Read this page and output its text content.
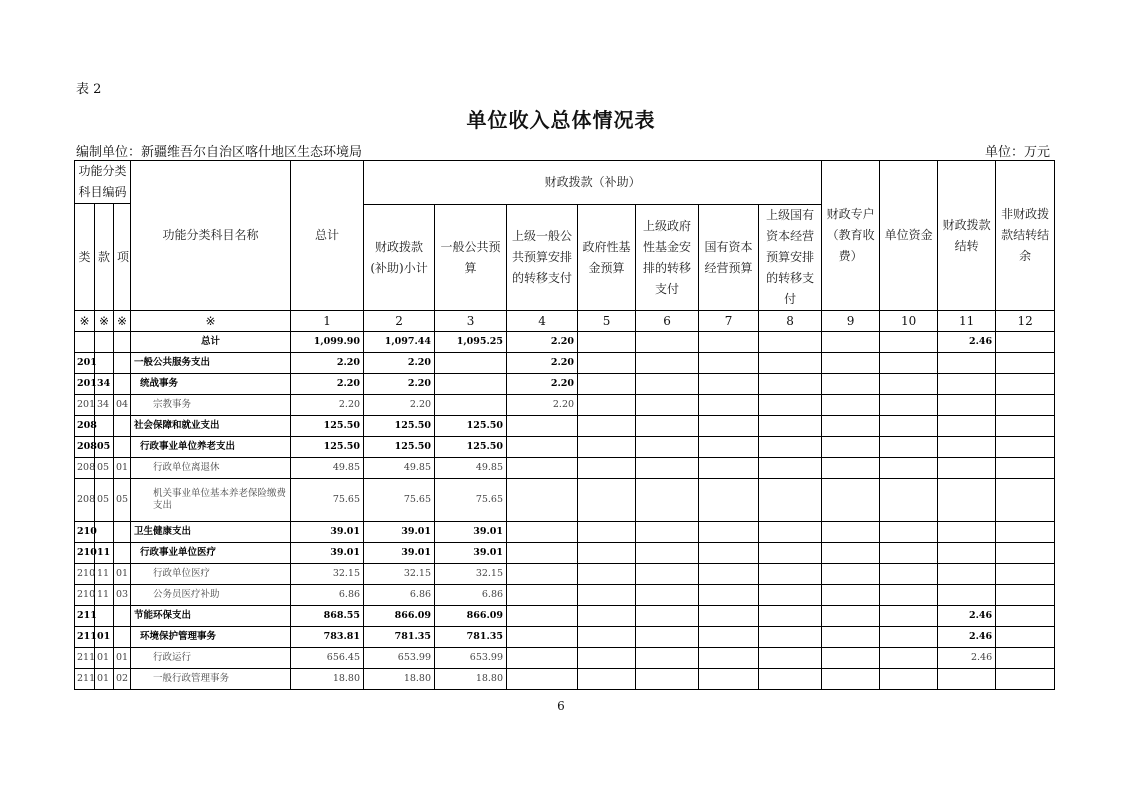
表 2
单位收入总体情况表
编制单位：新疆维吾尔自治区喀什地区生态环境局	单位：万元
功能分类科目编码			功能分类科目名称	总计	财政拨款（补助）							财政专户（教育收费）	单位资金	财政拨款结转	非财政拨款结转结余
类	款	项													
					财政拨款(补助)小计	一般公共预算	上级一般公共预算安排的转移支付	政府性基金预算	上级政府性基金安排的转移支付	国有资本经营预算	上级国有资本经营预算安排的转移支付				
※	※	※	※	1	2	3	4	5	6	7	8	9	10	11	12
			总计	1,099.90	1,097.44	1,095.25	2.20							2.46	
201			一般公共服务支出	2.20	2.20		2.20								
201	34		统战事务	2.20	2.20		2.20								
201	34	04	宗教事务	2.20	2.20		2.20								
208			社会保障和就业支出	125.50	125.50	125.50									
208	05		行政事业单位养老支出	125.50	125.50	125.50									
208	05	01	行政单位离退休	49.85	49.85	49.85									
208	05	05	机关事业单位基本养老保险缴费支出	75.65	75.65	75.65									
210			卫生健康支出	39.01	39.01	39.01									
210	11		行政事业单位医疗	39.01	39.01	39.01									
210	11	01	行政单位医疗	32.15	32.15	32.15									
210	11	03	公务员医疗补助	6.86	6.86	6.86									
211			节能环保支出	868.55	866.09	866.09								2.46	
211	01		环境保护管理事务	783.81	781.35	781.35								2.46	
211	01	01	行政运行	656.45	653.99	653.99								2.46	
211	01	02	一般行政管理事务	18.80	18.80	18.80									
6
